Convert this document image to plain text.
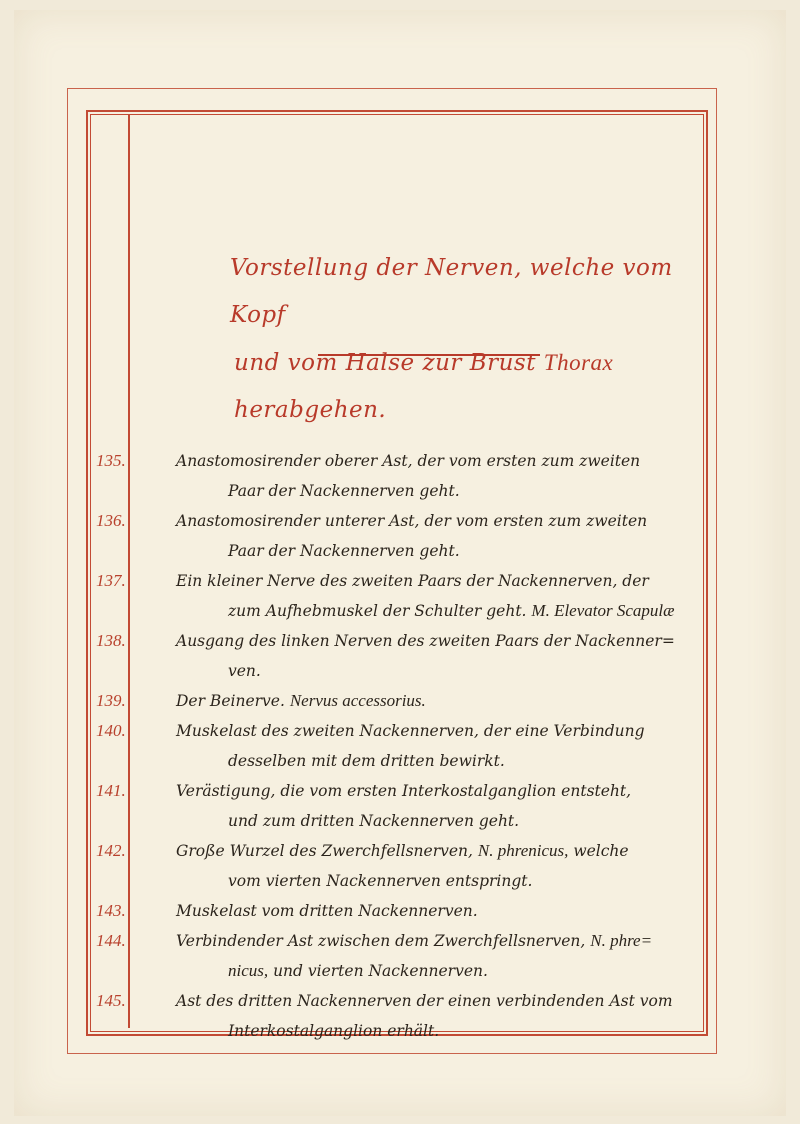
Vorstellung der Nerven, welche vom Kopf
und vom Halse zur Brust Thorax herabgehen.
135.	Anastomosirender oberer Ast, der vom ersten zum zweiten
Paar der Nackennerven geht.
136.	Anastomosirender unterer Ast, der vom ersten zum zweiten
Paar der Nackennerven geht.
137.	Ein kleiner Nerve des zweiten Paars der Nackennerven, der
zum Aufhebmuskel der Schulter geht. M. Elevator Scapulæ
138.	Ausgang des linken Nerven des zweiten Paars der Nackenner=
ven.
139.	Der Beinerve. Nervus accessorius.
140.	Muskelast des zweiten Nackennerven, der eine Verbindung
desselben mit dem dritten bewirkt.
141.	Verästigung, die vom ersten Interkostalganglion entsteht,
und zum dritten Nackennerven geht.
142.	Große Wurzel des Zwerchfellsnerven, N. phrenicus, welche
vom vierten Nackennerven entspringt.
143.	Muskelast vom dritten Nackennerven.
144.	Verbindender Ast zwischen dem Zwerchfellsnerven, N. phre=
nicus, und vierten Nackennerven.
145.	Ast des dritten Nackennerven der einen verbindenden Ast vom
Interkostalganglion erhält.
